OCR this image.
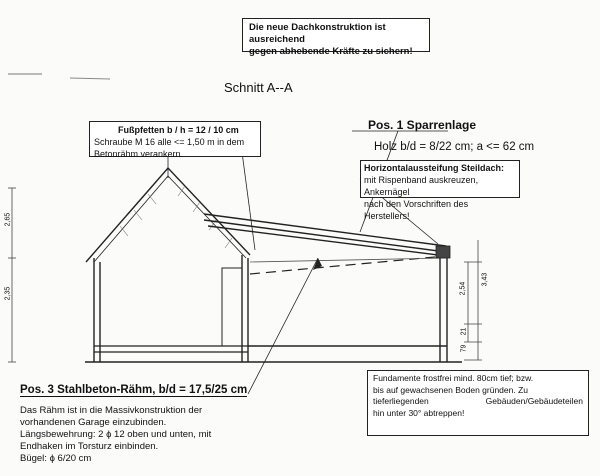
Die neue Dachkonstruktion ist ausreichend
gegen abhebende Kräfte zu sichern!
Schnitt A--A
Fußpfetten b / h = 12 / 10 cm
Schraube M 16 alle <= 1,50 m in dem
Betonrähm verankern.
Pos. 1 Sparrenlage
Holz b/d = 8/22 cm; a <= 62 cm
Horizontalaussteifung Steildach:
mit Rispenband auskreuzen, Ankernägel
nach den Vorschriften des Herstellers!
2,65
2,35	2,54
3,43
21
79
Fundamente frostfrei mind. 80cm tief; bzw.
bis auf gewachsenen Boden gründen. Zu
tieferliegenden	Gebäuden/Gebäudeteilen
hin unter 30° abtreppen!
Pos. 3 Stahlbeton-Rähm, b/d = 17,5/25 cm
Das Rähm ist in die Massivkonstruktion der
vorhandenen Garage einzubinden.
Längsbewehrung: 2 ϕ 12 oben und unten, mit
Endhaken im Torsturz einbinden.
Bügel: ϕ 6/20 cm
